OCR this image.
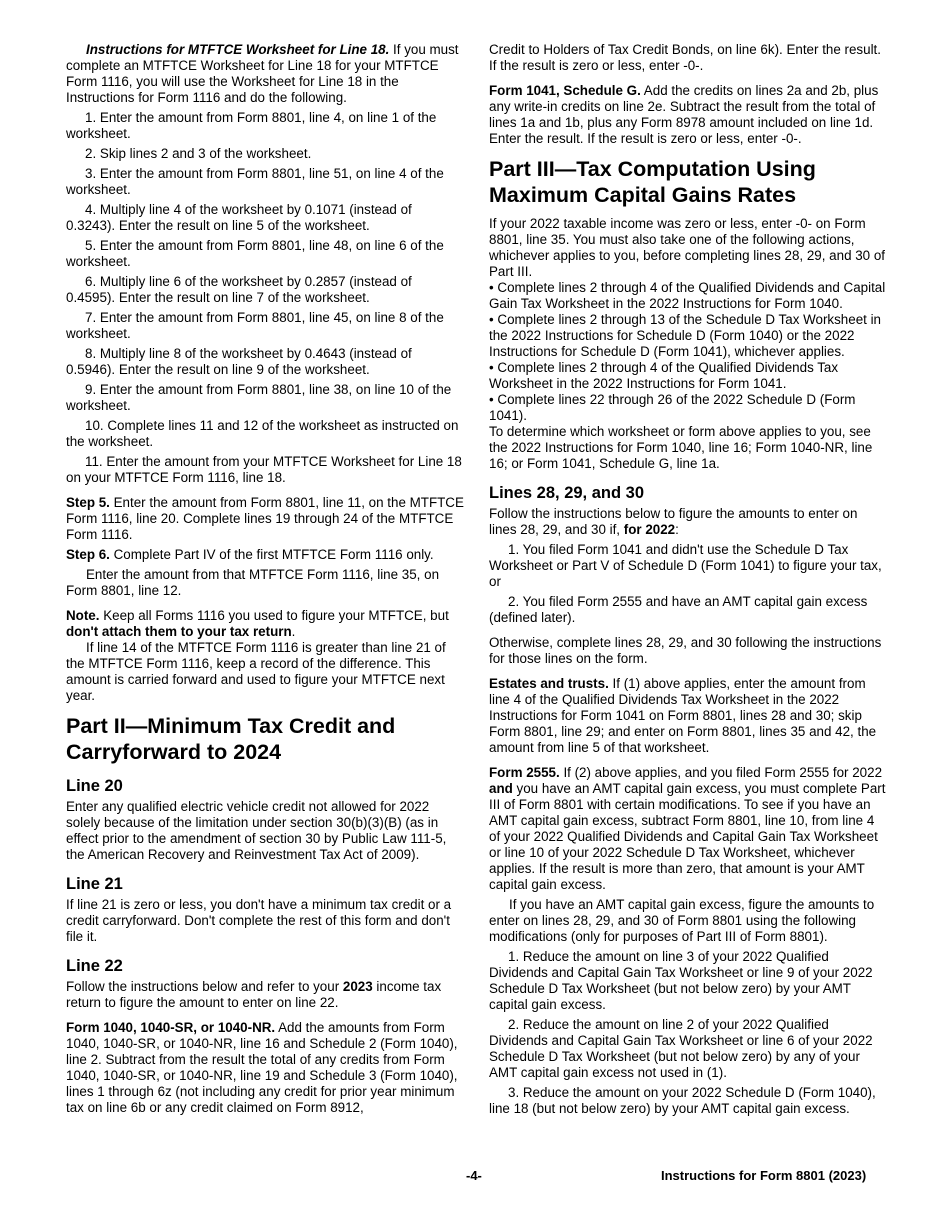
Instructions for MTFTCE Worksheet for Line 18. If you must complete an MTFTCE Worksheet for Line 18 for your MTFTCE Form 1116, you will use the Worksheet for Line 18 in the Instructions for Form 1116 and do the following.

1. Enter the amount from Form 8801, line 4, on line 1 of the worksheet.

2. Skip lines 2 and 3 of the worksheet.

3. Enter the amount from Form 8801, line 51, on line 4 of the worksheet.

4. Multiply line 4 of the worksheet by 0.1071 (instead of 0.3243). Enter the result on line 5 of the worksheet.

5. Enter the amount from Form 8801, line 48, on line 6 of the worksheet.

6. Multiply line 6 of the worksheet by 0.2857 (instead of 0.4595). Enter the result on line 7 of the worksheet.

7. Enter the amount from Form 8801, line 45, on line 8 of the worksheet.

8. Multiply line 8 of the worksheet by 0.4643 (instead of 0.5946). Enter the result on line 9 of the worksheet.

9. Enter the amount from Form 8801, line 38, on line 10 of the worksheet.

10. Complete lines 11 and 12 of the worksheet as instructed on the worksheet.

11. Enter the amount from your MTFTCE Worksheet for Line 18 on your MTFTCE Form 1116, line 18.

Step 5. Enter the amount from Form 8801, line 11, on the MTFTCE Form 1116, line 20. Complete lines 19 through 24 of the MTFTCE Form 1116.

Step 6. Complete Part IV of the first MTFTCE Form 1116 only.

Enter the amount from that MTFTCE Form 1116, line 35, on Form 8801, line 12.

Note. Keep all Forms 1116 you used to figure your MTFTCE, but don't attach them to your tax return.

If line 14 of the MTFTCE Form 1116 is greater than line 21 of the MTFTCE Form 1116, keep a record of the difference. This amount is carried forward and used to figure your MTFTCE next year.

Part II—Minimum Tax Credit and Carryforward to 2024
Line 20

Enter any qualified electric vehicle credit not allowed for 2022 solely because of the limitation under section 30(b)(3)(B) (as in effect prior to the amendment of section 30 by Public Law 111-5, the American Recovery and Reinvestment Tax Act of 2009).

Line 21

If line 21 is zero or less, you don't have a minimum tax credit or a credit carryforward. Don't complete the rest of this form and don't file it.

Line 22

Follow the instructions below and refer to your 2023 income tax return to figure the amount to enter on line 22.

Form 1040, 1040-SR, or 1040-NR. Add the amounts from Form 1040, 1040-SR, or 1040-NR, line 16 and Schedule 2 (Form 1040), line 2. Subtract from the result the total of any credits from Form 1040, 1040-SR, or 1040-NR, line 19 and Schedule 3 (Form 1040), lines 1 through 6z (not including any credit for prior year minimum tax on line 6b or any credit claimed on Form 8912,

Credit to Holders of Tax Credit Bonds, on line 6k). Enter the result. If the result is zero or less, enter -0-.

Form 1041, Schedule G. Add the credits on lines 2a and 2b, plus any write-in credits on line 2e. Subtract the result from the total of lines 1a and 1b, plus any Form 8978 amount included on line 1d. Enter the result. If the result is zero or less, enter -0-.

Part III—Tax Computation Using Maximum Capital Gains Rates

If your 2022 taxable income was zero or less, enter -0- on Form 8801, line 35. You must also take one of the following actions, whichever applies to you, before completing lines 28, 29, and 30 of Part III.

• Complete lines 2 through 4 of the Qualified Dividends and Capital Gain Tax Worksheet in the 2022 Instructions for Form 1040.

• Complete lines 2 through 13 of the Schedule D Tax Worksheet in the 2022 Instructions for Schedule D (Form 1040) or the 2022 Instructions for Schedule D (Form 1041), whichever applies.

• Complete lines 2 through 4 of the Qualified Dividends Tax Worksheet in the 2022 Instructions for Form 1041.

• Complete lines 22 through 26 of the 2022 Schedule D (Form 1041).

To determine which worksheet or form above applies to you, see the 2022 Instructions for Form 1040, line 16; Form 1040-NR, line 16; or Form 1041, Schedule G, line 1a.

Lines 28, 29, and 30

Follow the instructions below to figure the amounts to enter on lines 28, 29, and 30 if, for 2022:

1. You filed Form 1041 and didn't use the Schedule D Tax Worksheet or Part V of Schedule D (Form 1041) to figure your tax, or

2. You filed Form 2555 and have an AMT capital gain excess (defined later).

Otherwise, complete lines 28, 29, and 30 following the instructions for those lines on the form.

Estates and trusts. If (1) above applies, enter the amount from line 4 of the Qualified Dividends Tax Worksheet in the 2022 Instructions for Form 1041 on Form 8801, lines 28 and 30; skip Form 8801, line 29; and enter on Form 8801, lines 35 and 42, the amount from line 5 of that worksheet.

Form 2555. If (2) above applies, and you filed Form 2555 for 2022 and you have an AMT capital gain excess, you must complete Part III of Form 8801 with certain modifications. To see if you have an AMT capital gain excess, subtract Form 8801, line 10, from line 4 of your 2022 Qualified Dividends and Capital Gain Tax Worksheet or line 10 of your 2022 Schedule D Tax Worksheet, whichever applies. If the result is more than zero, that amount is your AMT capital gain excess.

If you have an AMT capital gain excess, figure the amounts to enter on lines 28, 29, and 30 of Form 8801 using the following modifications (only for purposes of Part III of Form 8801).

1. Reduce the amount on line 3 of your 2022 Qualified Dividends and Capital Gain Tax Worksheet or line 9 of your 2022 Schedule D Tax Worksheet (but not below zero) by your AMT capital gain excess.

2. Reduce the amount on line 2 of your 2022 Qualified Dividends and Capital Gain Tax Worksheet or line 6 of your 2022 Schedule D Tax Worksheet (but not below zero) by any of your AMT capital gain excess not used in (1).

3. Reduce the amount on your 2022 Schedule D (Form 1040), line 18 (but not below zero) by your AMT capital gain excess.

-4-	Instructions for Form 8801 (2023)
